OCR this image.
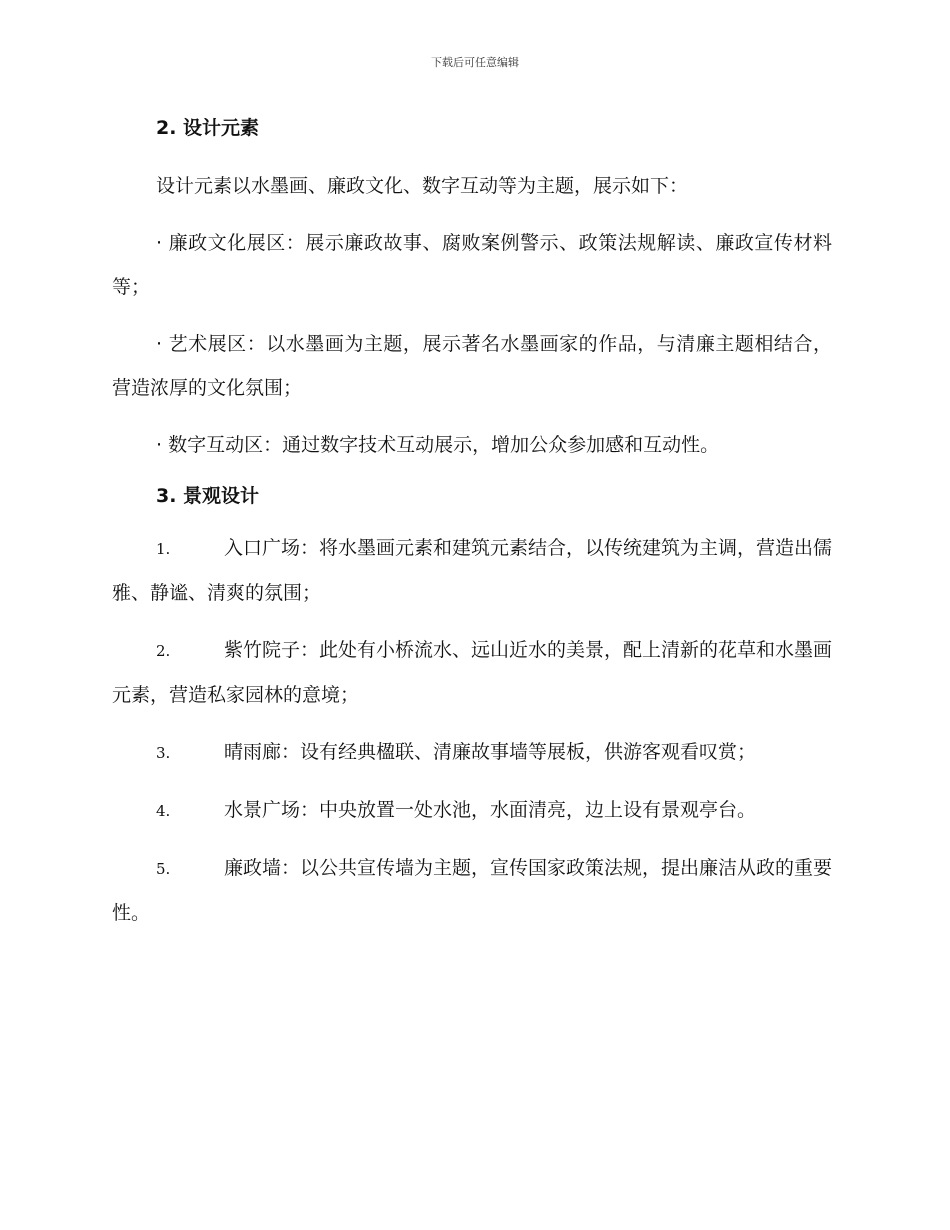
下载后可任意编辑
2. 设计元素

设计元素以水墨画、廉政文化、数字互动等为主题，展示如下：

· 廉政文化展区：展示廉政故事、腐败案例警示、政策法规解读、廉政宣传材料等；

· 艺术展区：以水墨画为主题，展示著名水墨画家的作品，与清廉主题相结合，营造浓厚的文化氛围；

· 数字互动区：通过数字技术互动展示，增加公众参加感和互动性。

3. 景观设计

1.	入口广场：将水墨画元素和建筑元素结合，以传统建筑为主调，营造出儒雅、静谧、清爽的氛围；

2.	紫竹院子：此处有小桥流水、远山近水的美景，配上清新的花草和水墨画元素，营造私家园林的意境；

3.	晴雨廊：设有经典楹联、清廉故事墙等展板，供游客观看叹赏；

4.	水景广场：中央放置一处水池，水面清亮，边上设有景观亭台。

5.	廉政墙：以公共宣传墙为主题，宣传国家政策法规，提出廉洁从政的重要性。
